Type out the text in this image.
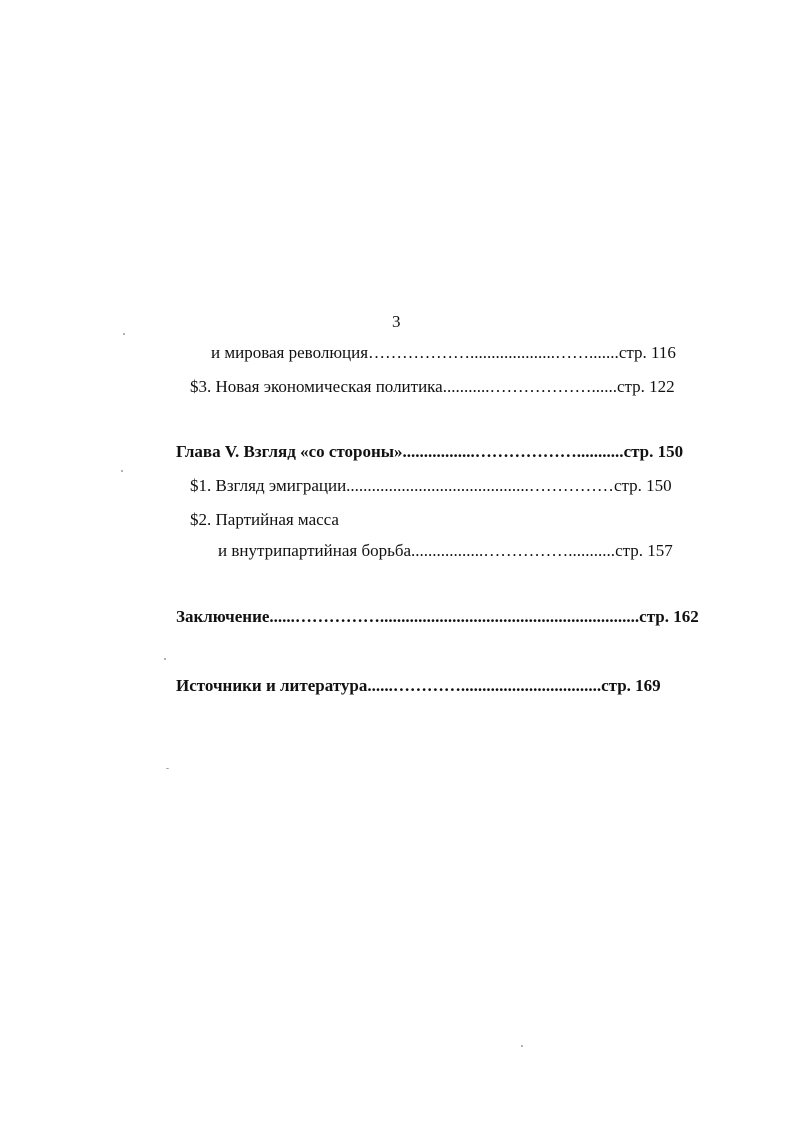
3
и мировая революция………………....................…….......стр. 116
$3. Новая экономическая политика...........………………......стр. 122
Глава V. Взгляд «со стороны».................………………...........стр. 150
$1. Взгляд эмиграции...........................................……………стр. 150
$2. Партийная масса
и внутрипартийная борьба.................……………...........стр. 157
Заключение......…………….............................................................стр. 162
Источники и литература......………….................................стр. 169
